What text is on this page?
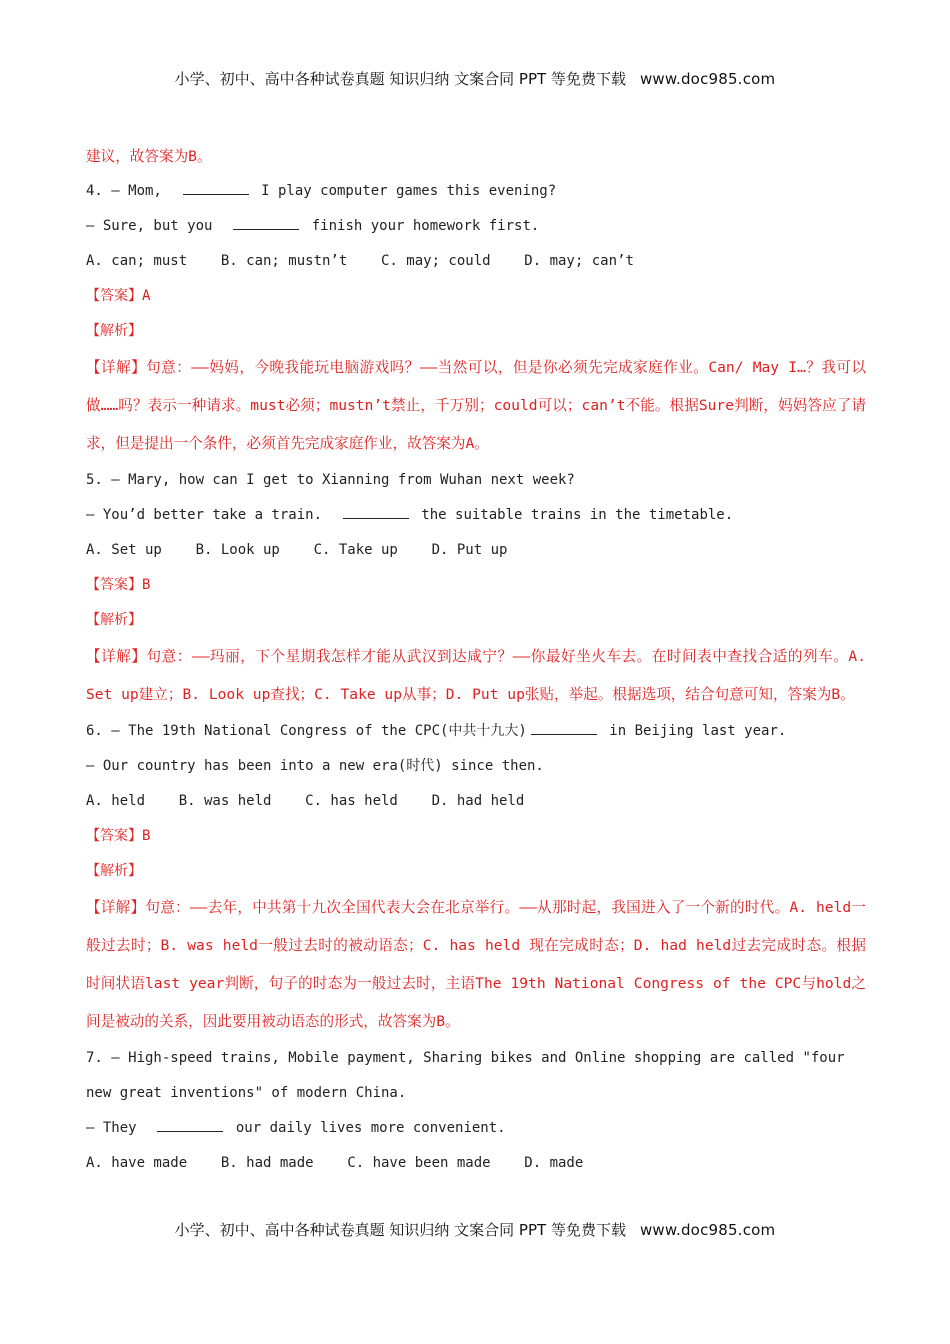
小学、初中、高中各种试卷真题 知识归纳 文案合同 PPT 等免费下载 www.doc985.com
建议，故答案为B。
4. — Mom,	I play computer games this evening?
— Sure, but you	finish your homework first.
A. can; must    B. can; mustn’t    C. may; could    D. may; can’t
【答案】A
【解析】
【详解】句意：——妈妈，今晚我能玩电脑游戏吗？——当然可以，但是你必须先完成家庭作业。Can/ May I…？我可以做……吗？表示一种请求。must必须；mustn’t禁止，千万别；could可以；can’t不能。根据Sure判断，妈妈答应了请求，但是提出一个条件，必须首先完成家庭作业，故答案为A。
5. — Mary, how can I get to Xianning from Wuhan next week?
— You’d better take a train.	the suitable trains in the timetable.
A. Set up    B. Look up    C. Take up    D. Put up
【答案】B
【解析】
【详解】句意：——玛丽，下个星期我怎样才能从武汉到达咸宁？——你最好坐火车去。在时间表中查找合适的列车。A. Set up建立；B. Look up查找；C. Take up从事；D. Put up张贴，举起。根据选项，结合句意可知，答案为B。
6. — The 19th National Congress of the CPC(中共十九大)	in Beijing last year.
— Our country has been into a new era(时代) since then.
A. held    B. was held    C. has held    D. had held
【答案】B
【解析】
【详解】句意：——去年，中共第十九次全国代表大会在北京举行。——从那时起，我国进入了一个新的时代。A. held一般过去时；B. was held一般过去时的被动语态；C. has held 现在完成时态；D. had held过去完成时态。根据时间状语last year判断，句子的时态为一般过去时，主语The 19th National Congress of the CPC与hold之间是被动的关系，因此要用被动语态的形式，故答案为B。
7. — High-speed trains, Mobile payment, Sharing bikes and Online shopping are called "four
new great inventions" of modern China.
— They	our daily lives more convenient.
A. have made    B. had made    C. have been made    D. made
小学、初中、高中各种试卷真题 知识归纳 文案合同 PPT 等免费下载 www.doc985.com
